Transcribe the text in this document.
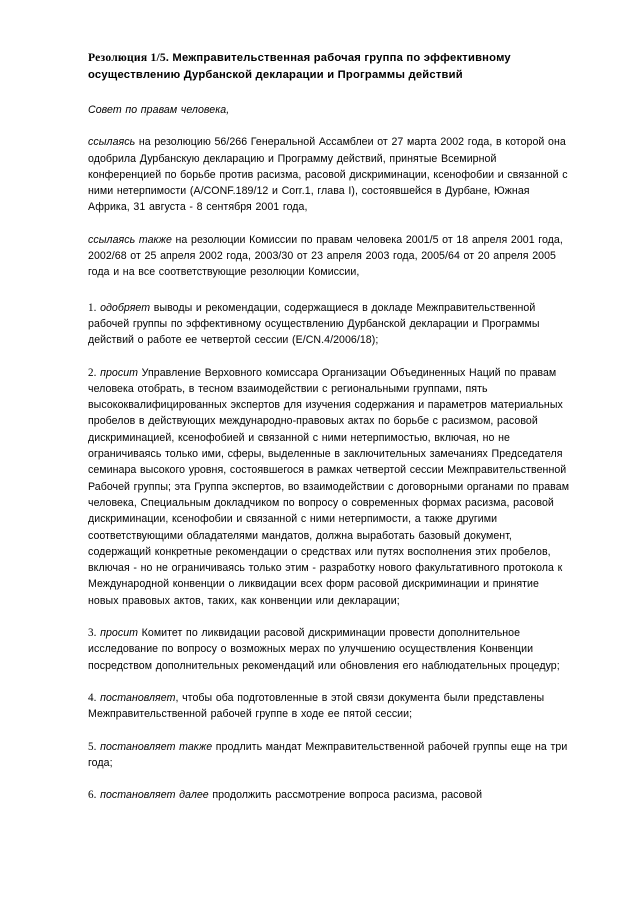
Резолюция 1/5. Межправительственная рабочая группа по эффективному осуществлению Дурбанской декларации и Программы действий

Совет по правам человека,

ссылаясь на резолюцию 56/266 Генеральной Ассамблеи от 27 марта 2002 года, в которой она одобрила Дурбанскую декларацию и Программу действий, принятые Всемирной конференцией по борьбе против расизма, расовой дискриминации, ксенофобии и связанной с ними нетерпимости (A/CONF.189/12 и Corr.1, глава I), состоявшейся в Дурбане, Южная Африка, 31 августа - 8 сентября 2001 года,

ссылаясь также на резолюции Комиссии по правам человека 2001/5 от 18 апреля 2001 года, 2002/68 от 25 апреля 2002 года, 2003/30 от 23 апреля 2003 года, 2005/64 от 20 апреля 2005 года и на все соответствующие резолюции Комиссии,

1. одобряет выводы и рекомендации, содержащиеся в докладе Межправительственной рабочей группы по эффективному осуществлению Дурбанской декларации и Программы действий о работе ее четвертой сессии (E/CN.4/2006/18);

2. просит Управление Верховного комиссара Организации Объединенных Наций по правам человека отобрать, в тесном взаимодействии с региональными группами, пять высококвалифицированных экспертов для изучения содержания и параметров материальных пробелов в действующих международно-правовых актах по борьбе с расизмом, расовой дискриминацией, ксенофобией и связанной с ними нетерпимостью, включая, но не ограничиваясь только ими, сферы, выделенные в заключительных замечаниях Председателя семинара высокого уровня, состоявшегося в рамках четвертой сессии Межправительственной Рабочей группы; эта Группа экспертов, во взаимодействии с договорными органами по правам человека, Специальным докладчиком по вопросу о современных формах расизма, расовой дискриминации, ксенофобии и связанной с ними нетерпимости, а также другими соответствующими обладателями мандатов, должна выработать базовый документ, содержащий конкретные рекомендации о средствах или путях восполнения этих пробелов, включая - но не ограничиваясь только этим - разработку нового факультативного протокола к Международной конвенции о ликвидации всех форм расовой дискриминации и принятие новых правовых актов, таких, как конвенции или декларации;

3. просит Комитет по ликвидации расовой дискриминации провести дополнительное исследование по вопросу о возможных мерах по улучшению осуществления Конвенции посредством дополнительных рекомендаций или обновления его наблюдательных процедур;

4. постановляет, чтобы оба подготовленные в этой связи документа были представлены Межправительственной рабочей группе в ходе ее пятой сессии;

5. постановляет также продлить мандат Межправительственной рабочей группы еще на три года;

6. постановляет далее продолжить рассмотрение вопроса расизма, расовой
